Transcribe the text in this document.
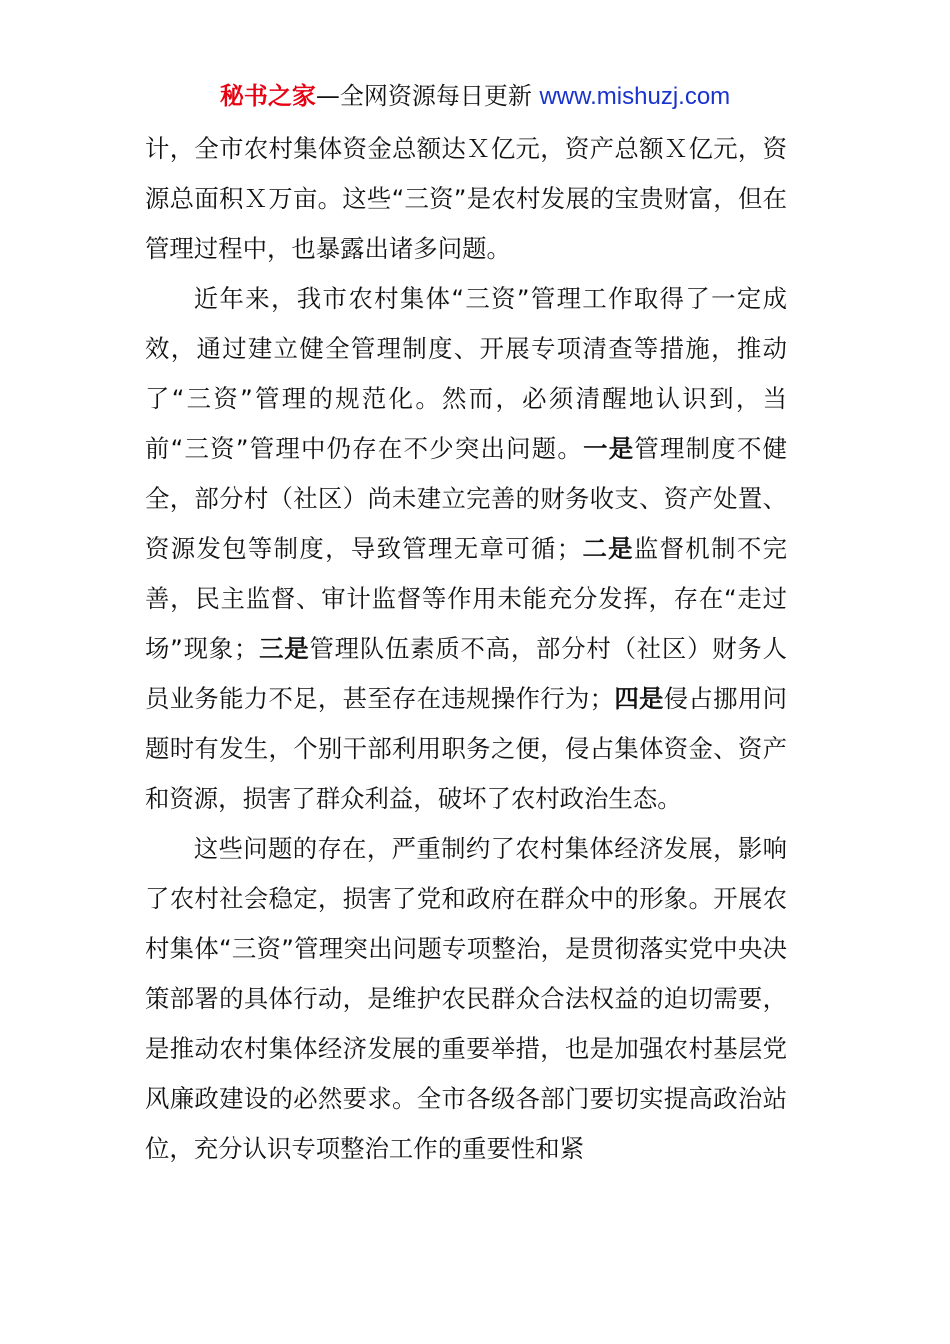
秘书之家—全网资源每日更新 www.mishuzj.com

计，全市农村集体资金总额达Ｘ亿元，资产总额Ｘ亿元，资源总面积Ｘ万亩。这些“三资”是农村发展的宝贵财富，但在管理过程中，也暴露出诸多问题。

近年来，我市农村集体“三资”管理工作取得了一定成效，通过建立健全管理制度、开展专项清查等措施，推动了“三资”管理的规范化。然而，必须清醒地认识到，当前“三资”管理中仍存在不少突出问题。一是管理制度不健全，部分村（社区）尚未建立完善的财务收支、资产处置、资源发包等制度，导致管理无章可循；二是监督机制不完善，民主监督、审计监督等作用未能充分发挥，存在“走过场”现象；三是管理队伍素质不高，部分村（社区）财务人员业务能力不足，甚至存在违规操作行为；四是侵占挪用问题时有发生，个别干部利用职务之便，侵占集体资金、资产和资源，损害了群众利益，破坏了农村政治生态。

这些问题的存在，严重制约了农村集体经济发展，影响了农村社会稳定，损害了党和政府在群众中的形象。开展农村集体“三资”管理突出问题专项整治，是贯彻落实党中央决策部署的具体行动，是维护农民群众合法权益的迫切需要，是推动农村集体经济发展的重要举措，也是加强农村基层党风廉政建设的必然要求。全市各级各部门要切实提高政治站位，充分认识专项整治工作的重要性和紧
